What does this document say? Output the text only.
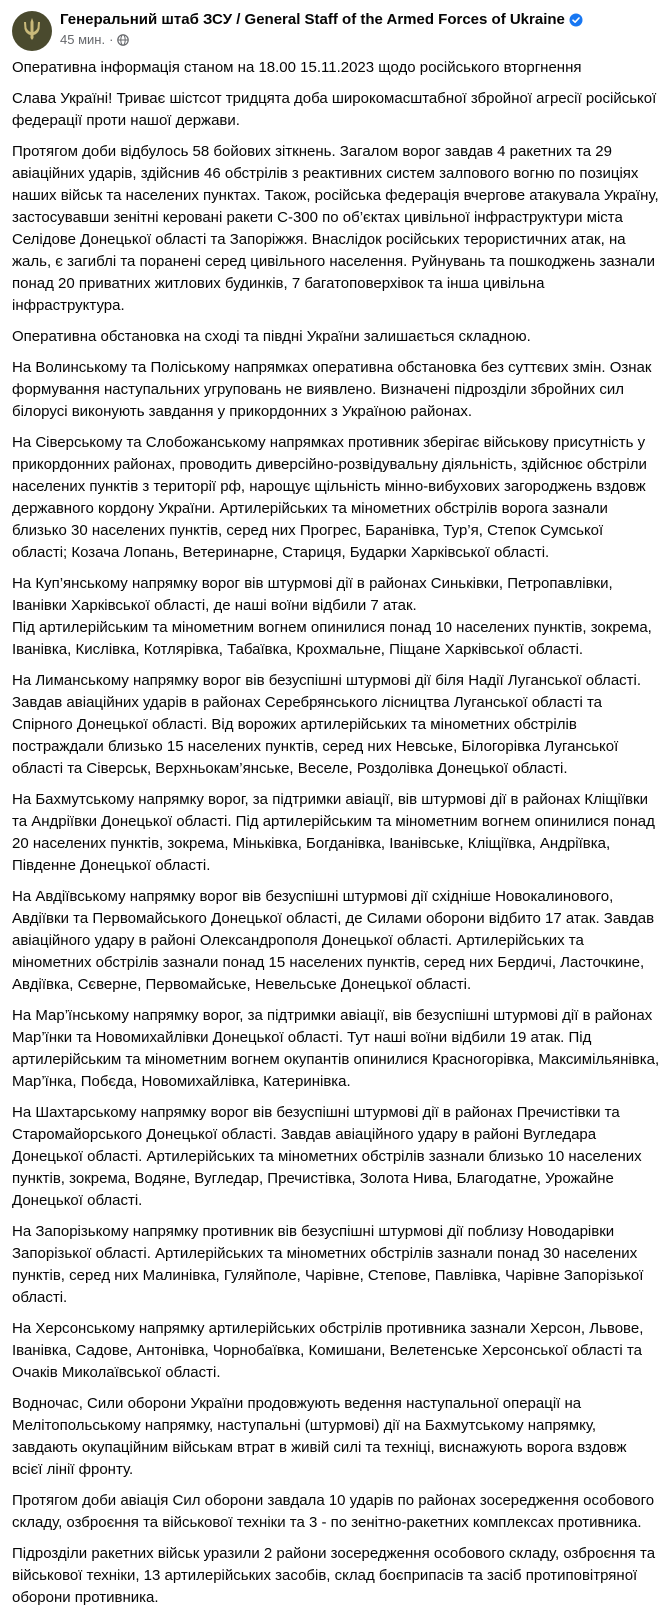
Генеральний штаб ЗСУ / General Staff of the Armed Forces of Ukraine
45 мин. ·

Оперативна інформація станом на 18.00 15.11.2023 щодо російського вторгнення

Слава Україні! Триває шістсот тридцята доба широкомасштабної збройної агресії російської федерації проти нашої держави.

Протягом доби відбулось 58 бойових зіткнень. Загалом ворог завдав 4 ракетних та 29 авіаційних ударів, здійснив 46 обстрілів з реактивних систем залпового вогню по позиціях наших військ та населених пунктах. Також, російська федерація вчергове атакувала Україну, застосувавши зенітні керовані ракети С-300 по об’єктах цивільної інфраструктури міста Селідове Донецької області та Запоріжжя. Внаслідок російських терористичних атак, на жаль, є загиблі та поранені серед цивільного населення. Руйнувань та пошкоджень зазнали понад 20 приватних житлових будинків, 7 багатоповерхівок та інша цивільна інфраструктура.

Оперативна обстановка на сході та півдні України залишається складною.

На Волинському та Поліському напрямках оперативна обстановка без суттєвих змін. Ознак формування наступальних угруповань не виявлено. Визначені підрозділи збройних сил білорусі виконують завдання у прикордонних з Україною районах.

На Сіверському та Слобожанському напрямках противник зберігає військову присутність у прикордонних районах, проводить диверсійно-розвідувальну діяльність, здійснює обстріли населених пунктів з території рф, нарощує щільність мінно-вибухових загороджень вздовж державного кордону України. Артилерійських та мінометних обстрілів ворога зазнали близько 30 населених пунктів, серед них Прогрес, Баранівка, Тур’я, Степок Сумської області; Козача Лопань, Ветеринарне, Стариця, Бударки Харківської області.

На Куп’янському напрямку ворог вів штурмові дії в районах Синьківки, Петропавлівки, Іванівки Харківської області, де наші воїни відбили 7 атак.
Під артилерійським та мінометним вогнем опинилися понад 10 населених пунктів, зокрема, Іванівка, Кислівка, Котлярівка, Табаївка, Крохмальне, Піщане Харківської області.

На Лиманському напрямку ворог вів безуспішні штурмові дії біля Надії Луганської області. Завдав авіаційних ударів в районах Серебрянського лісництва Луганської області та Спірного Донецької області. Від ворожих артилерійських та мінометних обстрілів постраждали близько 15 населених пунктів, серед них Невське, Білогорівка Луганської області та Сіверськ, Верхньокам’янське, Веселе, Роздолівка Донецької області.

На Бахмутському напрямку ворог, за підтримки авіації, вів штурмові дії в районах Кліщіївки та Андріївки Донецької області. Під артилерійським та мінометним вогнем опинилися понад 20 населених пунктів, зокрема, Міньківка, Богданівка, Іванівське, Кліщіївка, Андріївка, Південне Донецької області.

На Авдіївському напрямку ворог вів безуспішні штурмові дії східніше Новокалинового, Авдіївки та Первомайського Донецької області, де Силами оборони відбито 17 атак. Завдав авіаційного удару в районі Олександрополя Донецької області. Артилерійських та мінометних обстрілів зазнали понад 15 населених пунктів, серед них Бердичі, Ласточкине, Авдіївка, Сєверне, Первомайське, Невельське Донецької області.

На Мар’їнському напрямку ворог, за підтримки авіації, вів безуспішні штурмові дії в районах Мар’їнки та Новомихайлівки Донецької області. Тут наші воїни відбили 19 атак. Під артилерійським та мінометним вогнем окупантів опинилися Красногорівка, Максимільянівка, Мар’їнка, Побєда, Новомихайлівка, Катеринівка.

На Шахтарському напрямку ворог вів безуспішні штурмові дії в районах Пречистівки та Старомайорського Донецької області. Завдав авіаційного удару в районі Вугледара Донецької області. Артилерійських та мінометних обстрілів зазнали близько 10 населених пунктів, зокрема, Водяне, Вугледар, Пречистівка, Золота Нива, Благодатне, Урожайне Донецької області.

На Запорізькому напрямку противник вів безуспішні штурмові дії поблизу Новодарівки Запорізької області. Артилерійських та мінометних обстрілів зазнали понад 30 населених пунктів, серед них Малинівка, Гуляйполе, Чарівне, Степове, Павлівка, Чарівне Запорізької області.

На Херсонському напрямку артилерійських обстрілів противника зазнали Херсон, Львове, Іванівка, Садове, Антонівка, Чорнобаївка, Комишани, Велетенське Херсонської області та Очаків Миколаївської області.

Водночас, Сили оборони України продовжують ведення наступальної операції на Мелітопольському напрямку, наступальні (штурмові) дії на Бахмутському напрямку, завдають окупаційним військам втрат в живій силі та техніці, виснажують ворога вздовж всієї лінії фронту.

Протягом доби авіація Сил оборони завдала 10 ударів по районах зосередження особового складу, озброєння та військової техніки та 3 - по зенітно-ракетних комплексах противника.

Підрозділи ракетних військ уразили 2 райони зосередження особового складу, озброєння та військової техніки, 13 артилерійських засобів, склад боєприпасів та засіб протиповітряної оборони противника.
